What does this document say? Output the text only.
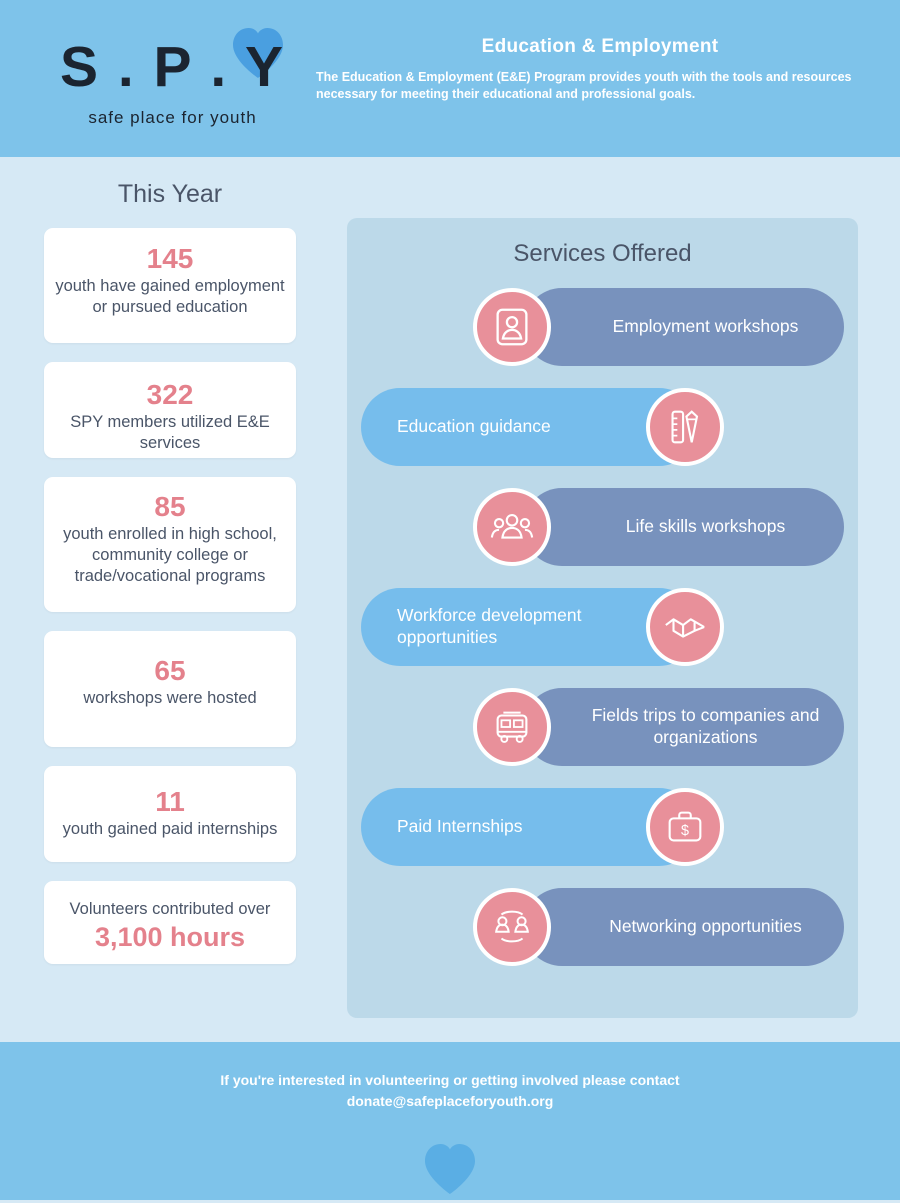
S . P . Y
safe place for youth
Education & Employment
The Education & Employment (E&E) Program provides youth with the tools and resources necessary for meeting their educational and professional goals.
This Year
145
youth have gained employment or pursued education
322
SPY members utilized E&E services
85
youth enrolled in high school, community college or trade/vocational programs
65
workshops were hosted
11
youth gained paid internships
Volunteers contributed over
3,100 hours
Services Offered
Employment workshops
Education guidance
Life skills workshops
Workforce development opportunities
Fields trips to companies and organizations
Paid Internships	$
Networking opportunities
If you're interested in volunteering or getting involved please contact
donate@safeplaceforyouth.org
